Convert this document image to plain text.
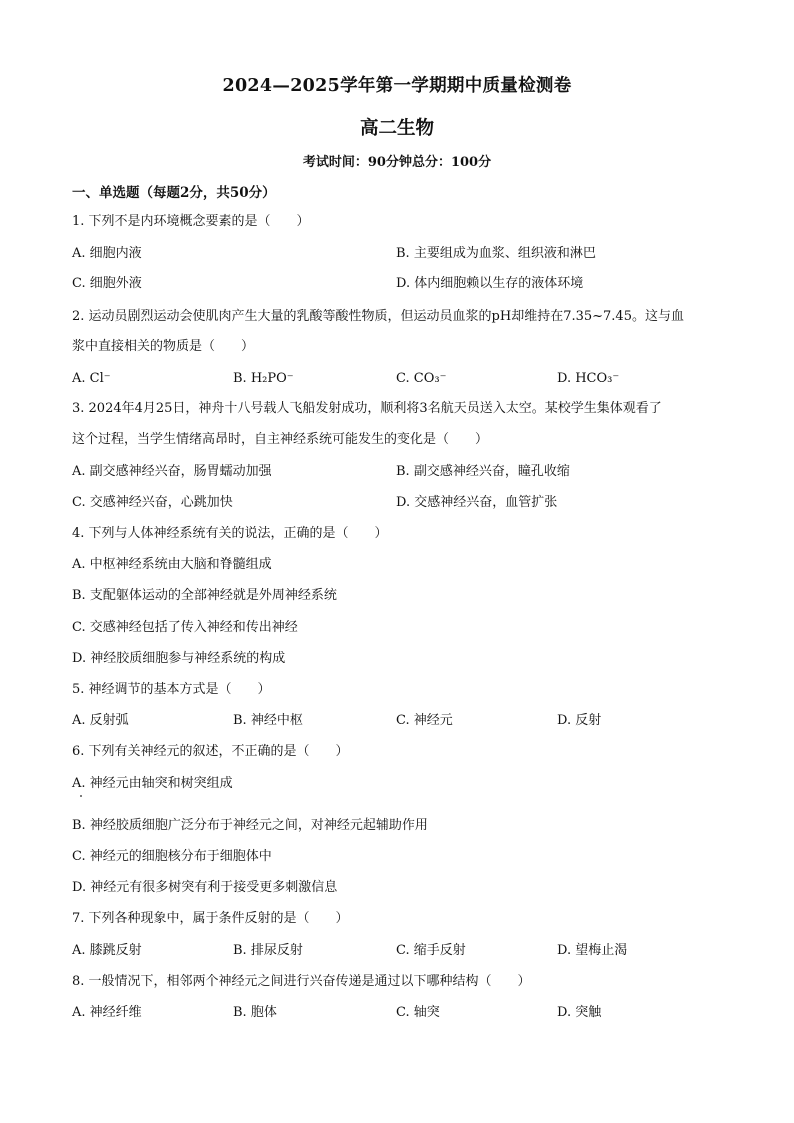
2024—2025学年第一学期期中质量检测卷
高二生物
考试时间：90分钟总分：100分
一、单选题（每题2分，共50分）
1. 下列不是内环境概念要素的是（　　）
A. 细胞内液	B. 主要组成为血浆、组织液和淋巴
C. 细胞外液	D. 体内细胞赖以生存的液体环境
2. 运动员剧烈运动会使肌肉产生大量的乳酸等酸性物质，但运动员血浆的pH却维持在7.35~7.45。这与血
浆中直接相关的物质是（　　）
A. Cl⁻	B. H₂PO⁻	C. CO₃⁻	D. HCO₃⁻
3. 2024年4月25日，神舟十八号载人飞船发射成功，顺利将3名航天员送入太空。某校学生集体观看了
这个过程，当学生情绪高昂时，自主神经系统可能发生的变化是（　　）
A. 副交感神经兴奋，肠胃蠕动加强	B. 副交感神经兴奋，瞳孔收缩
C. 交感神经兴奋，心跳加快	D. 交感神经兴奋，血管扩张
4. 下列与人体神经系统有关的说法，正确的是（　　）
A. 中枢神经系统由大脑和脊髓组成
B. 支配躯体运动的全部神经就是外周神经系统
C. 交感神经包括了传入神经和传出神经
D. 神经胶质细胞参与神经系统的构成
5. 神经调节的基本方式是（　　）
A. 反射弧	B. 神经中枢	C. 神经元	D. 反射
6. 下列有关神经元的叙述，不正确的是（　　）
A. 神经元由轴突和树突组成
B. 神经胶质细胞广泛分布于神经元之间，对神经元起辅助作用
C. 神经元的细胞核分布于细胞体中
D. 神经元有很多树突有利于接受更多刺激信息
7. 下列各种现象中，属于条件反射的是（　　）
A. 膝跳反射	B. 排尿反射	C. 缩手反射	D. 望梅止渴
8. 一般情况下，相邻两个神经元之间进行兴奋传递是通过以下哪种结构（　　）
A. 神经纤维	B. 胞体	C. 轴突	D. 突触
